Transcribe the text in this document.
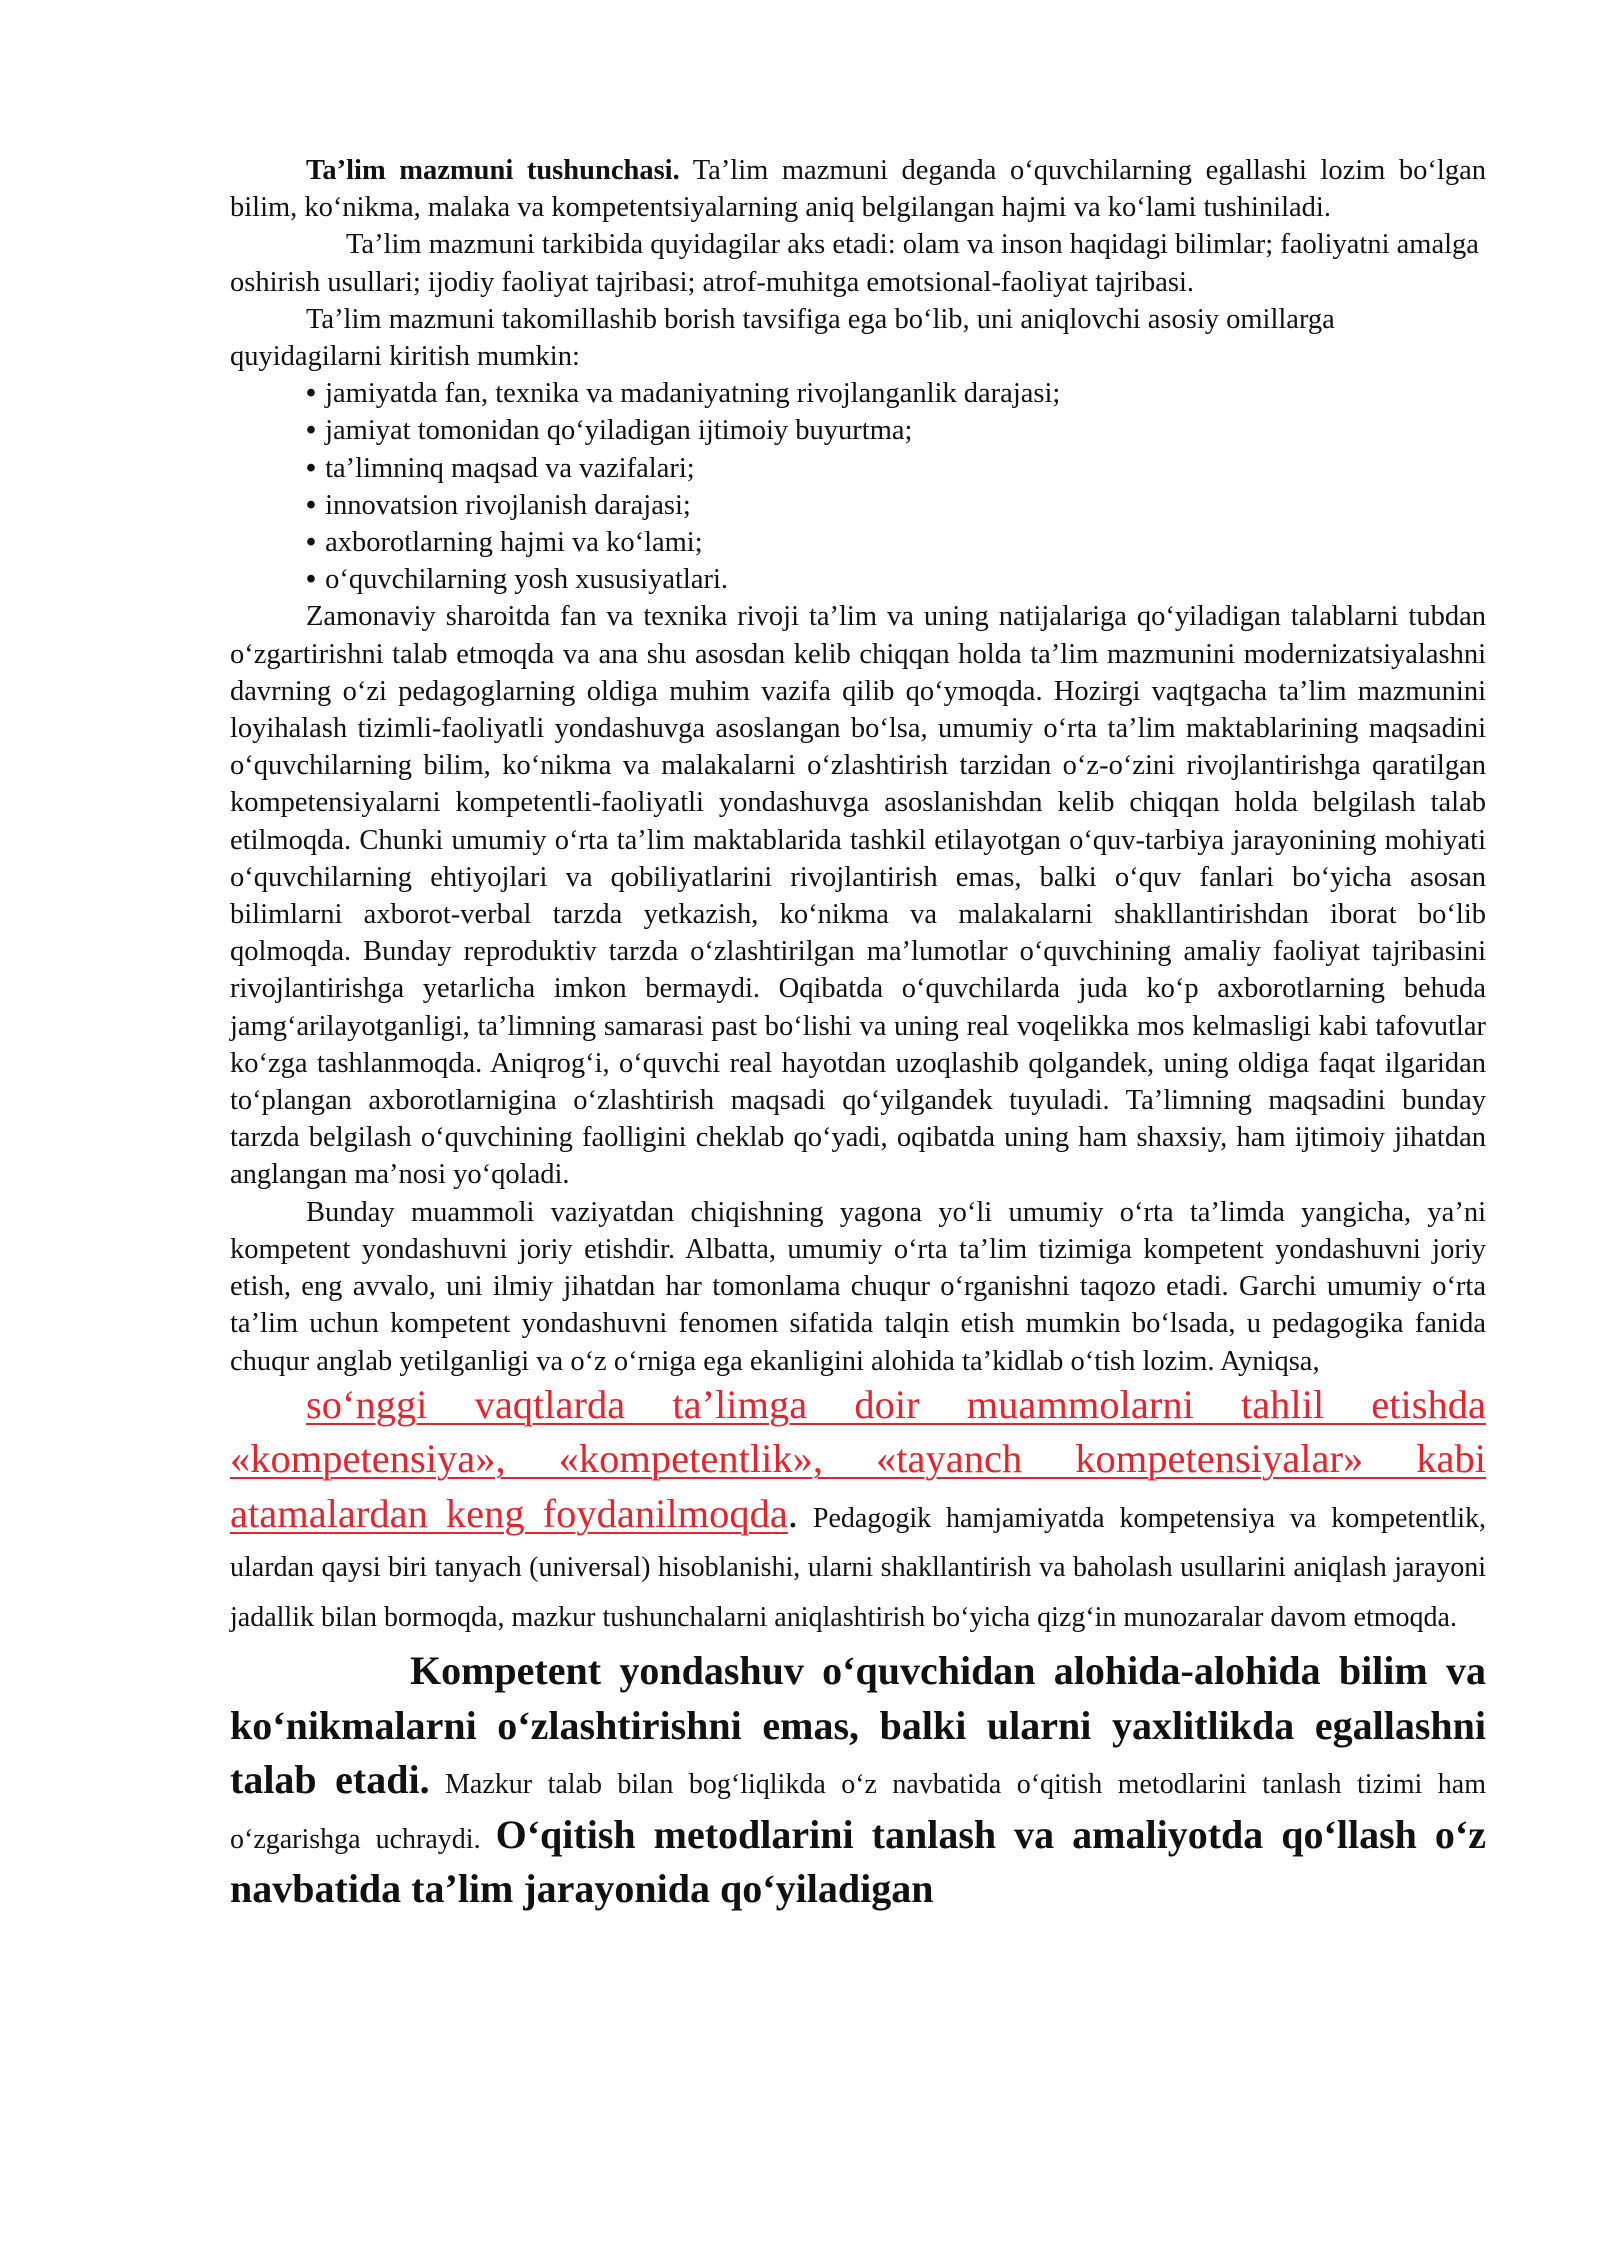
Ta’lim mazmuni tushunchasi. Ta’lim mazmuni deganda o‘quvchilarning egallashi lozim bo‘lgan bilim, ko‘nikma, malaka va kompetentsiyalarning aniq belgilangan hajmi va ko‘lami tushiniladi.

Ta’lim mazmuni tarkibida quyidagilar aks etadi: olam va inson haqidagi bilimlar; faoliyatni amalga oshirish usullari; ijodiy faoliyat tajribasi; atrof-muhitga emotsional-faoliyat tajribasi.

Ta’lim mazmuni takomillashib borish tavsifiga ega bo‘lib, uni aniqlovchi asosiy omillarga quyidagilarni kiritish mumkin:

• jamiyatda fan, texnika va madaniyatning rivojlanganlik darajasi;
• jamiyat tomonidan qo‘yiladigan ijtimoiy buyurtma;
• ta’limninq maqsad va vazifalari;
• innovatsion rivojlanish darajasi;
• axborotlarning hajmi va ko‘lami;
• o‘quvchilarning yosh xususiyatlari.

Zamonaviy sharoitda fan va texnika rivoji ta’lim va uning natijalariga qo‘yiladigan talablarni tubdan o‘zgartirishni talab etmoqda va ana shu asosdan kelib chiqqan holda ta’lim mazmunini modernizatsiyalashni davrning o‘zi pedagoglarning oldiga muhim vazifa qilib qo‘ymoqda. Hozirgi vaqtgacha ta’lim mazmunini loyihalash tizimli-faoliyatli yondashuvga asoslangan bo‘lsa, umumiy o‘rta ta’lim maktablarining maqsadini o‘quvchilarning bilim, ko‘nikma va malakalarni o‘zlashtirish tarzidan o‘z-o‘zini rivojlantirishga qaratilgan kompetensiyalarni kompetentli-faoliyatli yondashuvga asoslanishdan kelib chiqqan holda belgilash talab etilmoqda. Chunki umumiy o‘rta ta’lim maktablarida tashkil etilayotgan o‘quv-tarbiya jarayonining mohiyati o‘quvchilarning ehtiyojlari va qobiliyatlarini rivojlantirish emas, balki o‘quv fanlari bo‘yicha asosan bilimlarni axborot-verbal tarzda yetkazish, ko‘nikma va malakalarni shakllantirishdan iborat bo‘lib qolmoqda. Bunday reproduktiv tarzda o‘zlashtirilgan ma’lumotlar o‘quvchining amaliy faoliyat tajribasini rivojlantirishga yetarlicha imkon bermaydi. Oqibatda o‘quvchilarda juda ko‘p axborotlarning behuda jamg‘arilayotganligi, ta’limning samarasi past bo‘lishi va uning real voqelikka mos kelmasligi kabi tafovutlar ko‘zga tashlanmoqda. Aniqrog‘i, o‘quvchi real hayotdan uzoqlashib qolgandek, uning oldiga faqat ilgaridan to‘plangan axborotlarnigina o‘zlashtirish maqsadi qo‘yilgandek tuyuladi. Ta’limning maqsadini bunday tarzda belgilash o‘quvchining faolligini cheklab qo‘yadi, oqibatda uning ham shaxsiy, ham ijtimoiy jihatdan anglangan ma’nosi yo‘qoladi.

Bunday muammoli vaziyatdan chiqishning yagona yo‘li umumiy o‘rta ta’limda yangicha, ya’ni kompetent yondashuvni joriy etishdir. Albatta, umumiy o‘rta ta’lim tizimiga kompetent yondashuvni joriy etish, eng avvalo, uni ilmiy jihatdan har tomonlama chuqur o‘rganishni taqozo etadi. Garchi umumiy o‘rta ta’lim uchun kompetent yondashuvni fenomen sifatida talqin etish mumkin bo‘lsada, u pedagogika fanida chuqur anglab yetilganligi va o‘z o‘rniga ega ekanligini alohida ta’kidlab o‘tish lozim. Ayniqsa,

so‘nggi vaqtlarda ta’limga doir muammolarni tahlil etishda «kompetensiya», «kompetentlik», «tayanch kompetensiyalar» kabi atamalardan keng foydanilmoqda. Pedagogik hamjamiyatda kompetensiya va kompetentlik, ulardan qaysi biri tanyach (universal) hisoblanishi, ularni shakllantirish va baholash usullarini aniqlash jarayoni jadallik bilan bormoqda, mazkur tushunchalarni aniqlashtirish bo‘yicha qizg‘in munozaralar davom etmoqda.

Kompetent yondashuv o‘quvchidan alohida-alohida bilim va ko‘nikmalarni o‘zlashtirishni emas, balki ularni yaxlitlikda egallashni talab etadi. Mazkur talab bilan bog‘liqlikda o‘z navbatida o‘qitish metodlarini tanlash tizimi ham o‘zgarishga uchraydi. O‘qitish metodlarini tanlash va amaliyotda qo‘llash o‘z navbatida ta’lim jarayonida qo‘yiladigan
